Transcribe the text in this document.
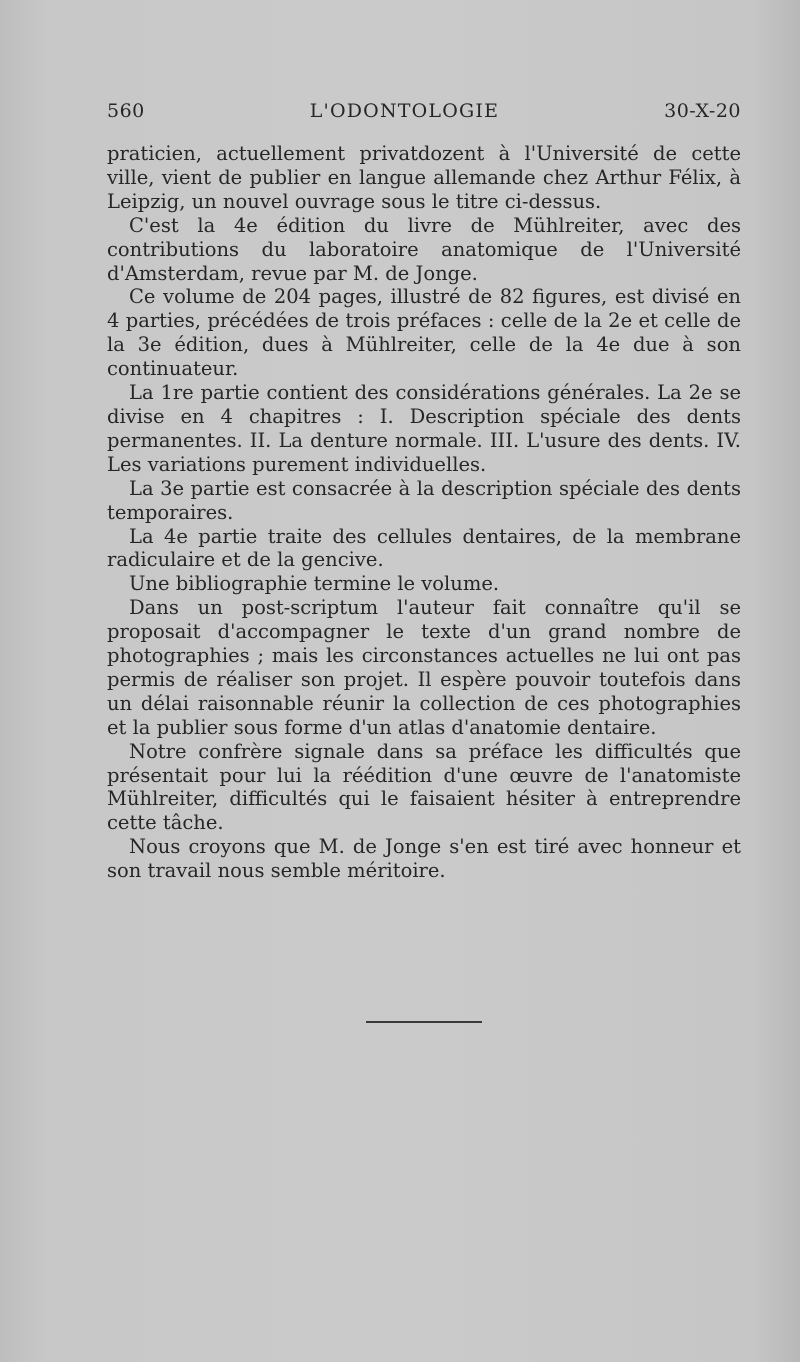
560	L'ODONTOLOGIE	30-X-20

praticien, actuellement privatdozent à l'Université de cette ville, vient de publier en langue allemande chez Arthur Félix, à Leipzig, un nouvel ouvrage sous le titre ci-dessus.

C'est la 4e édition du livre de Mühlreiter, avec des contributions du laboratoire anatomique de l'Université d'Amsterdam, revue par M. de Jonge.

Ce volume de 204 pages, illustré de 82 figures, est divisé en 4 parties, précédées de trois préfaces : celle de la 2e et celle de la 3e édition, dues à Mühlreiter, celle de la 4e due à son continuateur.

La 1re partie contient des considérations générales. La 2e se divise en 4 chapitres : I. Description spéciale des dents permanentes. II. La denture normale. III. L'usure des dents. IV. Les variations purement individuelles.

La 3e partie est consacrée à la description spéciale des dents temporaires.

La 4e partie traite des cellules dentaires, de la membrane radiculaire et de la gencive.

Une bibliographie termine le volume.

Dans un post-scriptum l'auteur fait connaître qu'il se proposait d'accompagner le texte d'un grand nombre de photographies ; mais les circonstances actuelles ne lui ont pas permis de réaliser son projet. Il espère pouvoir toutefois dans un délai raisonnable réunir la collection de ces photographies et la publier sous forme d'un atlas d'anatomie dentaire.

Notre confrère signale dans sa préface les difficultés que présentait pour lui la réédition d'une œuvre de l'anatomiste Mühlreiter, difficultés qui le faisaient hésiter à entreprendre cette tâche.

Nous croyons que M. de Jonge s'en est tiré avec honneur et son travail nous semble méritoire.
